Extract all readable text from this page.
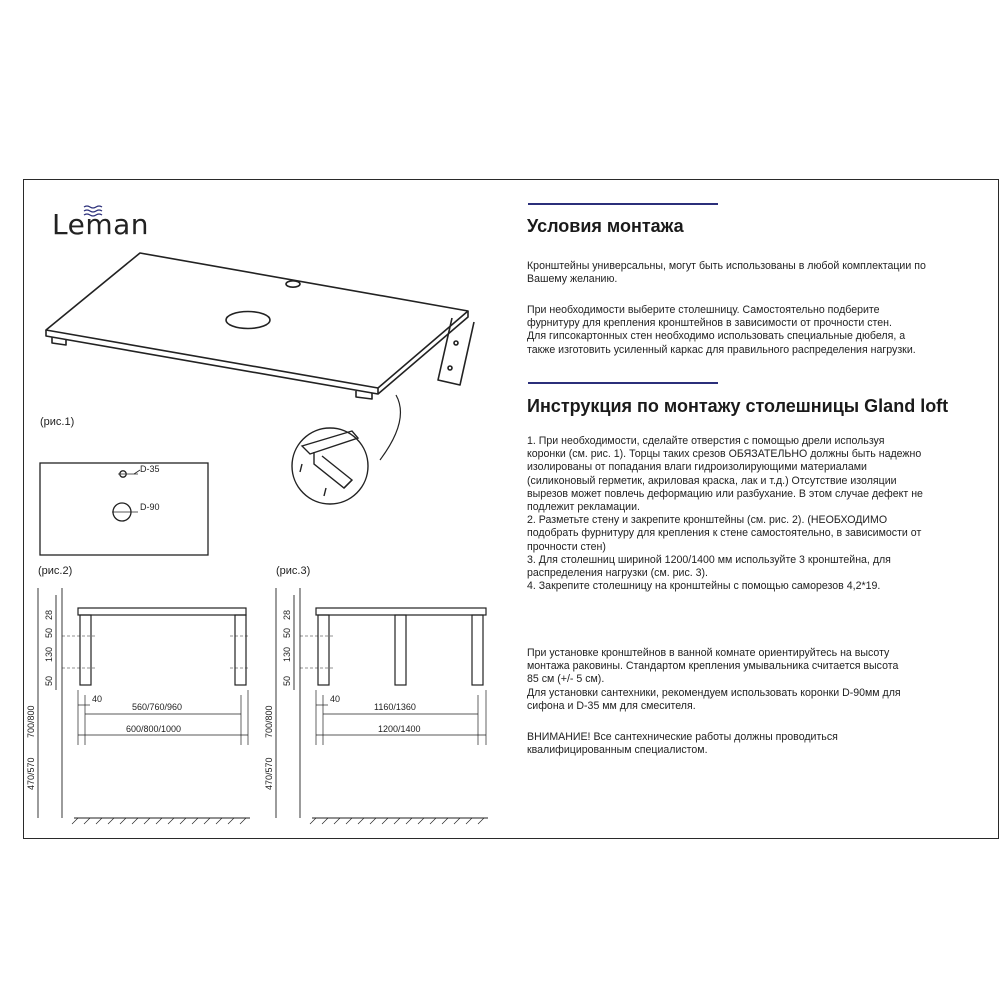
D-35
D-90
28
50
130
50
700/800
470/570
40
560/760/960
600/800/1000
28
50
130
50
700/800
470/570
40
1160/1360
1200/1400
Leman
(рис.1)
(рис.2)	(рис.3)
Условия монтажа
Кронштейны универсальны, могут быть использованы в любой комплектации по
Вашему желанию.
При необходимости выберите столешницу. Самостоятельно подберите
фурнитуру для крепления кронштейнов в зависимости от прочности стен.
Для гипсокартонных стен необходимо использовать специальные дюбеля, а
также изготовить усиленный каркас для правильного распределения нагрузки.
Инструкция по монтажу столешницы Gland loft
1. При необходимости, сделайте отверстия с помощью дрели используя
коронки (см. рис. 1). Торцы таких срезов ОБЯЗАТЕЛЬНО должны быть надежно
изолированы от попадания влаги гидроизолирующими материалами
(силиконовый герметик, акриловая краска, лак и т.д.) Отсутствие изоляции
вырезов может повлечь деформацию или разбухание. В этом случае дефект не
подлежит рекламации.
2. Разметьте стену и закрепите кронштейны (см. рис. 2). (НЕОБХОДИМО
подобрать фурнитуру для крепления к стене самостоятельно, в зависимости от
прочности стен)
3. Для столешниц шириной 1200/1400 мм используйте 3 кронштейна, для
распределения нагрузки (см. рис. 3).
4. Закрепите столешницу на кронштейны с помощью саморезов 4,2*19.
При установке кронштейнов в ванной комнате ориентируйтесь на высоту
монтажа раковины. Стандартом крепления умывальника считается высота
85 см (+/- 5 см).
Для установки сантехники, рекомендуем использовать коронки D-90мм для
сифона и D-35 мм для смесителя.
ВНИМАНИЕ! Все сантехнические работы должны проводиться
квалифицированным специалистом.
